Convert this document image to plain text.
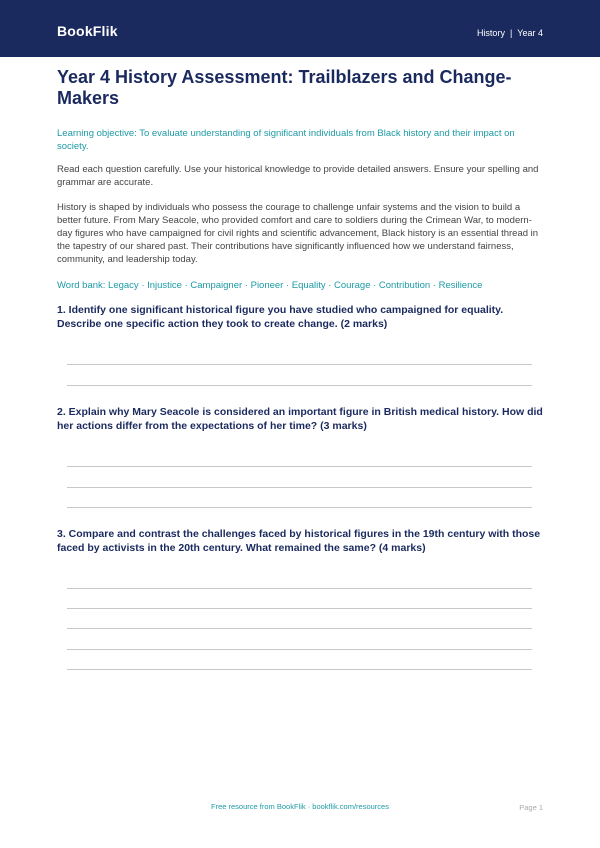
BookFlik	History | Year 4
Year 4 History Assessment: Trailblazers and Change-Makers

Learning objective: To evaluate understanding of significant individuals from Black history and their impact on society.

Read each question carefully. Use your historical knowledge to provide detailed answers. Ensure your spelling and grammar are accurate.

History is shaped by individuals who possess the courage to challenge unfair systems and the vision to build a better future. From Mary Seacole, who provided comfort and care to soldiers during the Crimean War, to modern-day figures who have campaigned for civil rights and scientific advancement, Black history is an essential thread in the tapestry of our shared past. Their contributions have significantly influenced how we understand fairness, community, and leadership today.

Word bank: Legacy · Injustice · Campaigner · Pioneer · Equality · Courage · Contribution · Resilience

1. Identify one significant historical figure you have studied who campaigned for equality. Describe one specific action they took to create change. (2 marks)
2. Explain why Mary Seacole is considered an important figure in British medical history. How did her actions differ from the expectations of her time? (3 marks)
3. Compare and contrast the challenges faced by historical figures in the 19th century with those faced by activists in the 20th century. What remained the same? (4 marks)
Free resource from BookFlik · bookflik.com/resources	Page 1
